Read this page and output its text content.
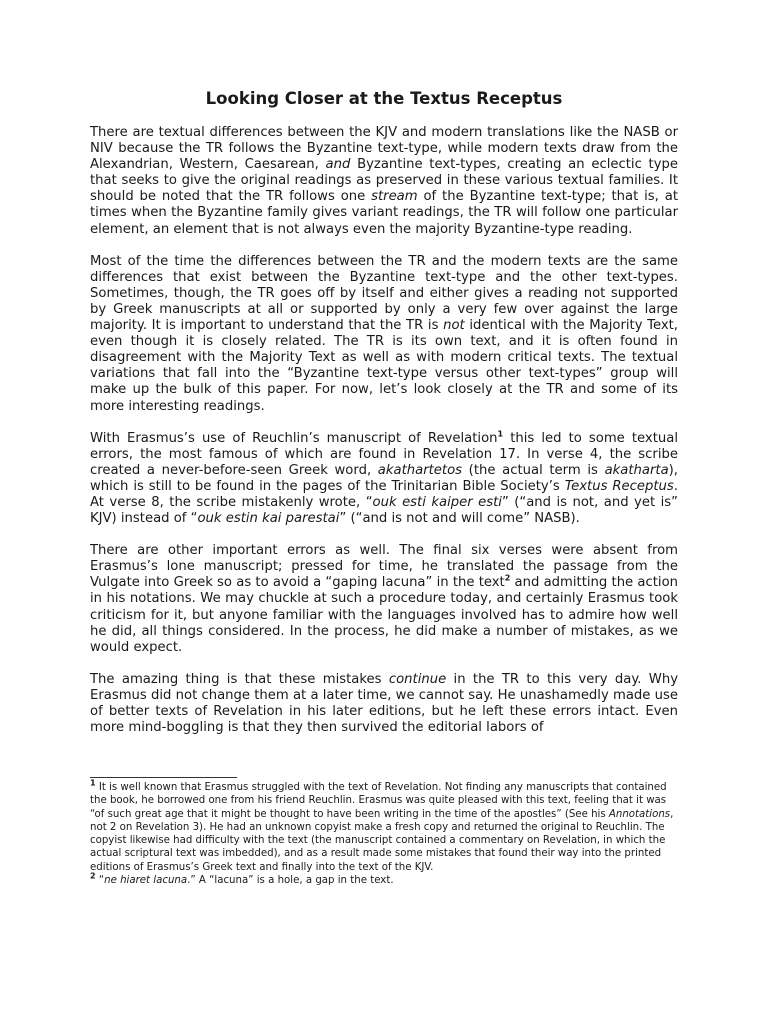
Looking Closer at the Textus Receptus

There are textual differences between the KJV and modern translations like the NASB or NIV because the TR follows the Byzantine text-type, while modern texts draw from the Alexandrian, Western, Caesarean, and Byzantine text-types, creating an eclectic type that seeks to give the original readings as preserved in these various textual families. It should be noted that the TR follows one stream of the Byzantine text-type; that is, at times when the Byzantine family gives variant readings, the TR will follow one particular element, an element that is not always even the majority Byzantine-type reading.

Most of the time the differences between the TR and the modern texts are the same differences that exist between the Byzantine text-type and the other text-types. Sometimes, though, the TR goes off by itself and either gives a reading not supported by Greek manuscripts at all or supported by only a very few over against the large majority. It is important to understand that the TR is not identical with the Majority Text, even though it is closely related. The TR is its own text, and it is often found in disagreement with the Majority Text as well as with modern critical texts. The textual variations that fall into the “Byzantine text-type versus other text-types” group will make up the bulk of this paper. For now, let’s look closely at the TR and some of its more interesting readings.

With Erasmus’s use of Reuchlin’s manuscript of Revelation$^1$ this led to some textual errors, the most famous of which are found in Revelation 17. In verse 4, the scribe created a never-before-seen Greek word, akathartetos (the actual term is akatharta), which is still to be found in the pages of the Trinitarian Bible Society’s Textus Receptus. At verse 8, the scribe mistakenly wrote, “ouk esti kaiper esti” (“and is not, and yet is” KJV) instead of “ouk estin kai parestai” (“and is not and will come” NASB).

There are other important errors as well. The final six verses were absent from Erasmus’s lone manuscript; pressed for time, he translated the passage from the Vulgate into Greek so as to avoid a “gaping lacuna” in the text$^2$ and admitting the action in his notations. We may chuckle at such a procedure today, and certainly Erasmus took criticism for it, but anyone familiar with the languages involved has to admire how well he did, all things considered. In the process, he did make a number of mistakes, as we would expect.

The amazing thing is that these mistakes continue in the TR to this very day. Why Erasmus did not change them at a later time, we cannot say. He unashamedly made use of better texts of Revelation in his later editions, but he left these errors intact. Even more mind-boggling is that they then survived the editorial labors of

$^1$ It is well known that Erasmus struggled with the text of Revelation. Not finding any manuscripts that contained the book, he borrowed one from his friend Reuchlin. Erasmus was quite pleased with this text, feeling that it was “of such great age that it might be thought to have been writing in the time of the apostles” (See his Annotations, not 2 on Revelation 3). He had an unknown copyist make a fresh copy and returned the original to Reuchlin. The copyist likewise had difficulty with the text (the manuscript contained a commentary on Revelation, in which the actual scriptural text was imbedded), and as a result made some mistakes that found their way into the printed editions of Erasmus’s Greek text and finally into the text of the KJV.

$^2$ “ne hiaret lacuna.” A “lacuna” is a hole, a gap in the text.
